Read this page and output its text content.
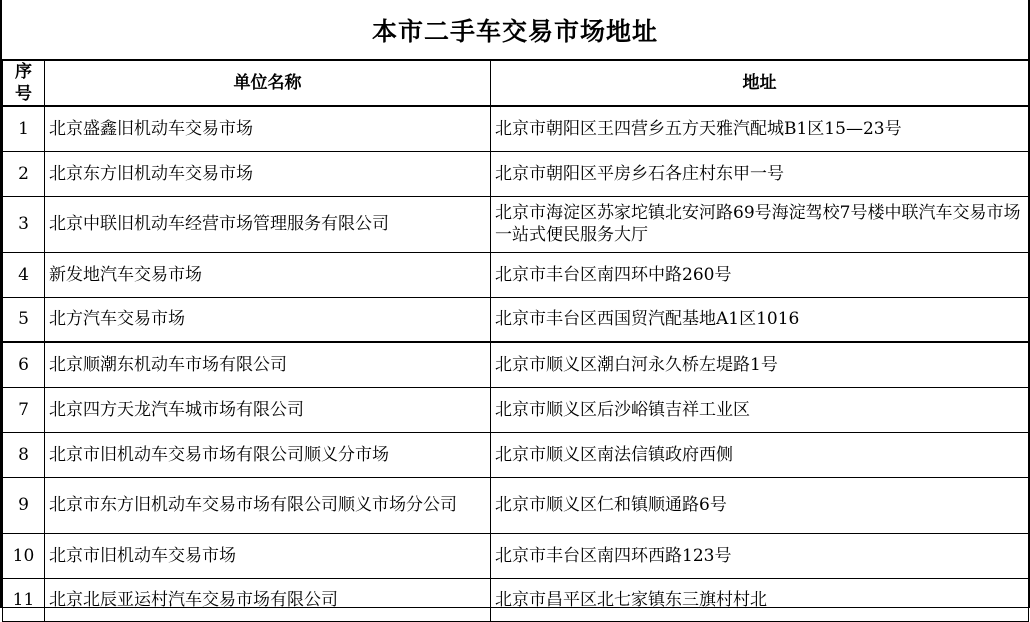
本市二手车交易市场地址
序号	单位名称	地址
1	北京盛鑫旧机动车交易市场	北京市朝阳区王四营乡五方天雅汽配城B1区15—23号
2	北京东方旧机动车交易市场	北京市朝阳区平房乡石各庄村东甲一号
3	北京中联旧机动车经营市场管理服务有限公司	北京市海淀区苏家坨镇北安河路69号海淀驾校7号楼中联汽车交易市场一站式便民服务大厅
4	新发地汽车交易市场	北京市丰台区南四环中路260号
5	北方汽车交易市场	北京市丰台区西国贸汽配基地A1区1016
6	北京顺潮东机动车市场有限公司	北京市顺义区潮白河永久桥左堤路1号
7	北京四方天龙汽车城市场有限公司	北京市顺义区后沙峪镇吉祥工业区
8	北京市旧机动车交易市场有限公司顺义分市场	北京市顺义区南法信镇政府西侧
9	北京市东方旧机动车交易市场有限公司顺义市场分公司	北京市顺义区仁和镇顺通路6号
10	北京市旧机动车交易市场	北京市丰台区南四环西路123号
11	北京北辰亚运村汽车交易市场有限公司	北京市昌平区北七家镇东三旗村村北
